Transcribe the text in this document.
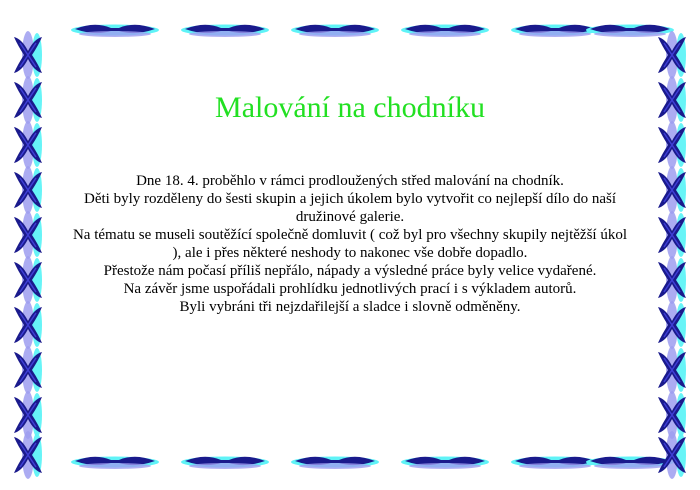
Malování na chodníku

Dne 18. 4. proběhlo v rámci prodloužených střed malování na chodník.

Děti byly rozděleny do šesti skupin a jejich úkolem bylo vytvořit co nejlepší dílo do naší družinové galerie.

Na tématu se museli soutěžící společně domluvit ( což byl pro všechny skupily nejtěžší úkol ), ale i přes některé neshody to nakonec vše dobře dopadlo.

Přestože nám počasí příliš nepřálo, nápady a výsledné práce byly velice vydařené.

Na závěr jsme uspořádali prohlídku jednotlivých prací i s výkladem autorů.

Byli vybráni tři nejzdařilejší a sladce i slovně odměněny.
